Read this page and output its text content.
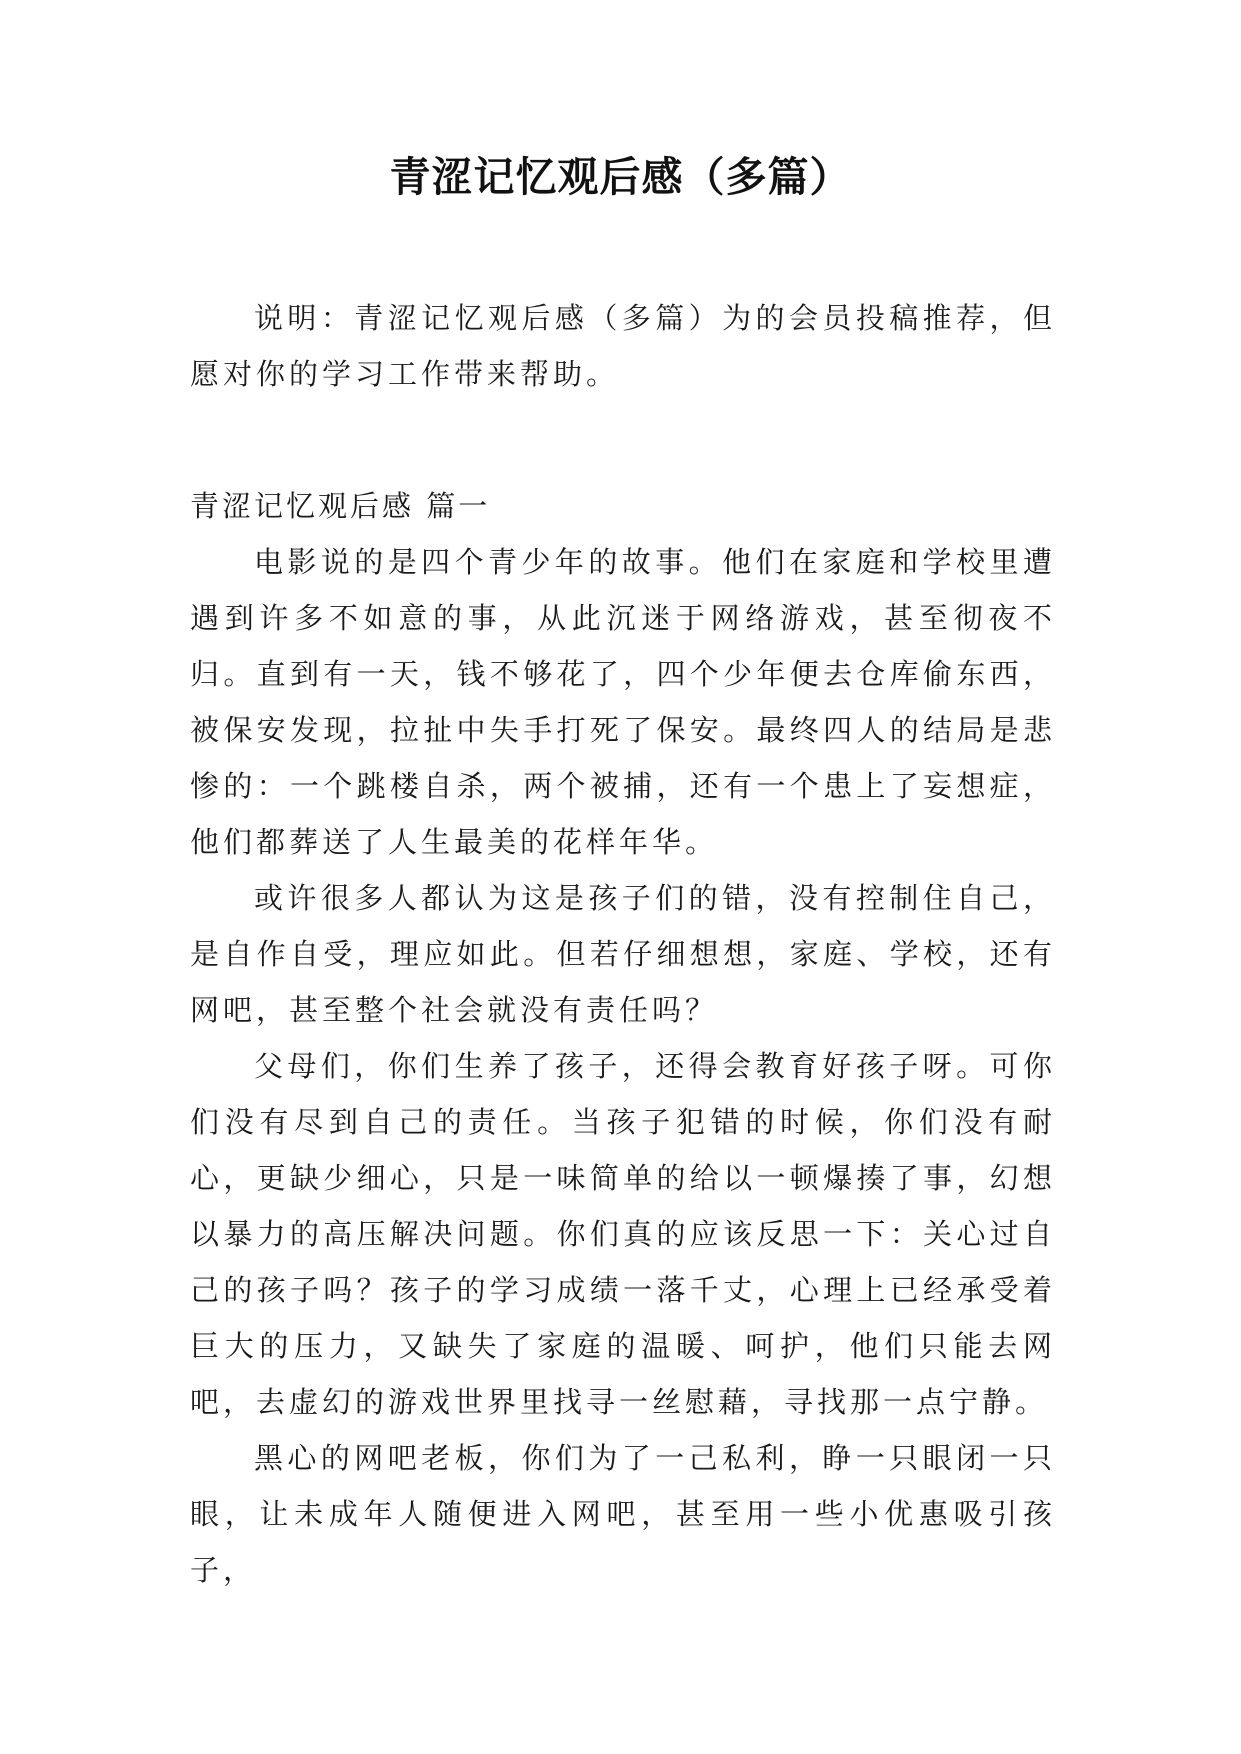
青涩记忆观后感（多篇）

说明：青涩记忆观后感（多篇）为的会员投稿推荐，但愿对你的学习工作带来帮助。

青涩记忆观后感 篇一

电影说的是四个青少年的故事。他们在家庭和学校里遭遇到许多不如意的事，从此沉迷于网络游戏，甚至彻夜不归。直到有一天，钱不够花了，四个少年便去仓库偷东西，被保安发现，拉扯中失手打死了保安。最终四人的结局是悲惨的：一个跳楼自杀，两个被捕，还有一个患上了妄想症，他们都葬送了人生最美的花样年华。

或许很多人都认为这是孩子们的错，没有控制住自己，是自作自受，理应如此。但若仔细想想，家庭、学校，还有网吧，甚至整个社会就没有责任吗？

父母们，你们生养了孩子，还得会教育好孩子呀。可你们没有尽到自己的责任。当孩子犯错的时候，你们没有耐心，更缺少细心，只是一味简单的给以一顿爆揍了事，幻想以暴力的高压解决问题。你们真的应该反思一下：关心过自己的孩子吗？孩子的学习成绩一落千丈，心理上已经承受着巨大的压力，又缺失了家庭的温暖、呵护，他们只能去网吧，去虚幻的游戏世界里找寻一丝慰藉，寻找那一点宁静。

黑心的网吧老板，你们为了一己私利，睁一只眼闭一只眼，让未成年人随便进入网吧，甚至用一些小优惠吸引孩子，
